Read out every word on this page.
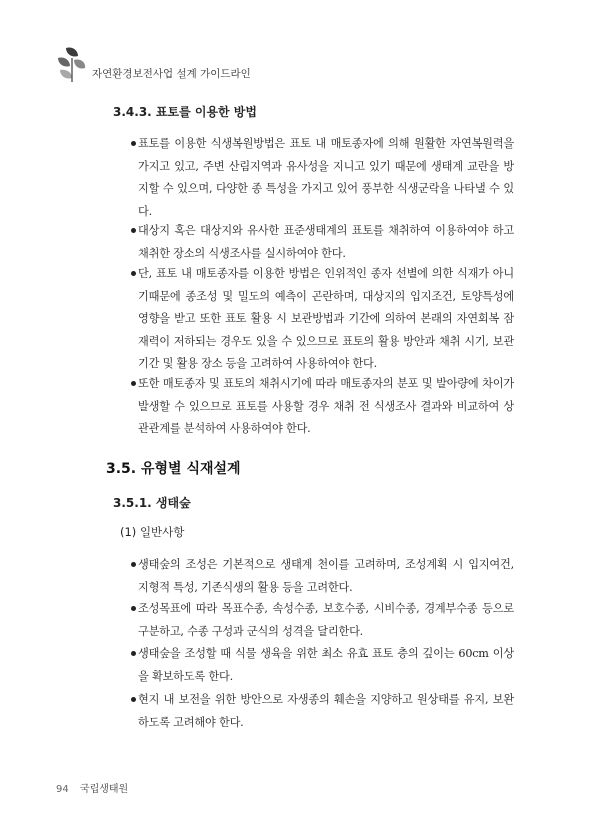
자연환경보전사업 설계 가이드라인
3.4.3. 표토를 이용한 방법
표토를 이용한 식생복원방법은 표토 내 매토종자에 의해 원활한 자연복원력을 가지고 있고, 주변 산림지역과 유사성을 지니고 있기 때문에 생태계 교란을 방지할 수 있으며, 다양한 종 특성을 가지고 있어 풍부한 식생군락을 나타낼 수 있다.
대상지 혹은 대상지와 유사한 표준생태계의 표토를 채취하여 이용하여야 하고 채취한 장소의 식생조사를 실시하여야 한다.
단, 표토 내 매토종자를 이용한 방법은 인위적인 종자 선별에 의한 식재가 아니기때문에 종조성 및 밀도의 예측이 곤란하며, 대상지의 입지조건, 토양특성에 영향을 받고 또한 표토 활용 시 보관방법과 기간에 의하여 본래의 자연회복 잠재력이 저하되는 경우도 있을 수 있으므로 표토의 활용 방안과 채취 시기, 보관 기간 및 활용 장소 등을 고려하여 사용하여야 한다.
또한 매토종자 및 표토의 채취시기에 따라 매토종자의 분포 및 발아량에 차이가 발생할 수 있으므로 표토를 사용할 경우 채취 전 식생조사 결과와 비교하여 상관관계를 분석하여 사용하여야 한다.
3.5. 유형별 식재설계
3.5.1. 생태숲
(1) 일반사항
생태숲의 조성은 기본적으로 생태계 천이를 고려하며, 조성계획 시 입지여건, 지형적 특성, 기존식생의 활용 등을 고려한다.
조성목표에 따라 목표수종, 속성수종, 보호수종, 시비수종, 경계부수종 등으로 구분하고, 수종 구성과 군식의 성격을 달리한다.
생태숲을 조성할 때 식물 생육을 위한 최소 유효 표토 층의 깊이는 60cm 이상을 확보하도록 한다.
현지 내 보전을 위한 방안으로 자생종의 훼손을 지양하고 원상태를 유지, 보완하도록 고려해야 한다.
94 국립생태원
